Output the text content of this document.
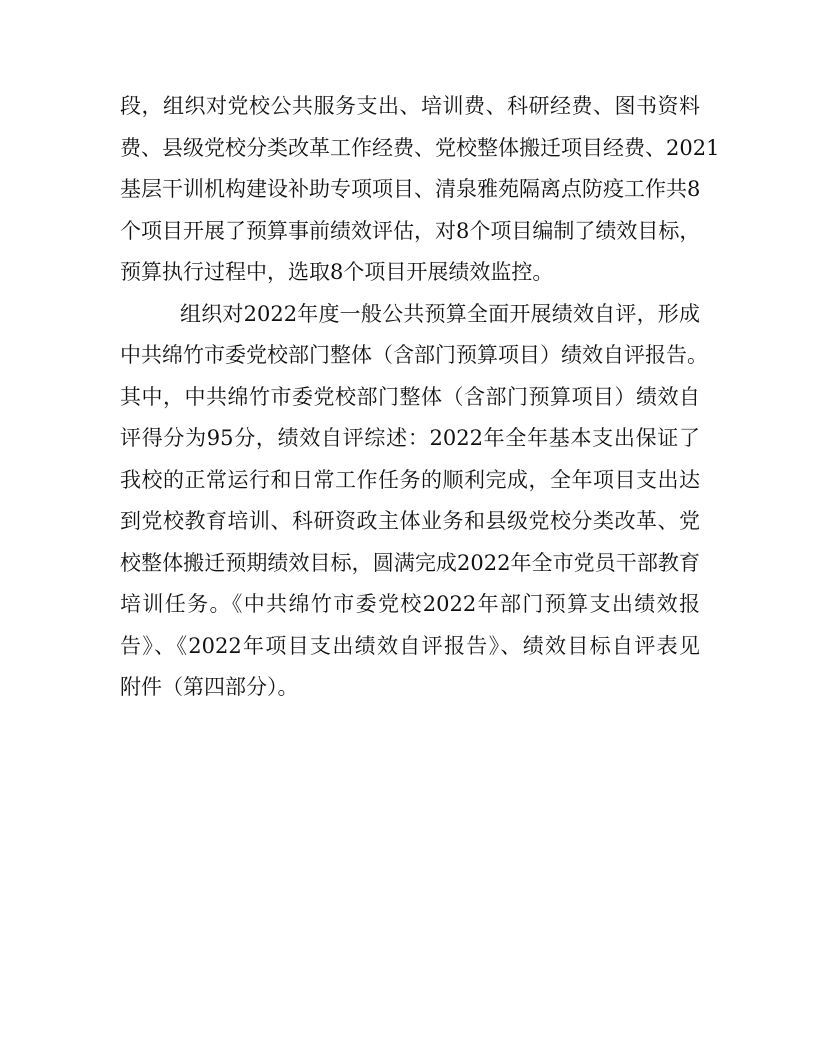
段，组织对党校公共服务支出、培训费、科研经费、图书资料
费、县级党校分类改革工作经费、党校整体搬迁项目经费、2021
基层干训机构建设补助专项项目、清泉雅苑隔离点防疫工作共8
个项目开展了预算事前绩效评估，对8个项目编制了绩效目标，
预算执行过程中，选取8个项目开展绩效监控。
组织对2022年度一般公共预算全面开展绩效自评，形成
中共绵竹市委党校部门整体（含部门预算项目）绩效自评报告。
其中，中共绵竹市委党校部门整体（含部门预算项目）绩效自
评得分为95分，绩效自评综述：2022年全年基本支出保证了
我校的正常运行和日常工作任务的顺利完成，全年项目支出达
到党校教育培训、科研资政主体业务和县级党校分类改革、党
校整体搬迁预期绩效目标，圆满完成2022年全市党员干部教育
培训任务。《中共绵竹市委党校2022年部门预算支出绩效报
告》、《2022年项目支出绩效自评报告》、绩效目标自评表见
附件（第四部分）。
